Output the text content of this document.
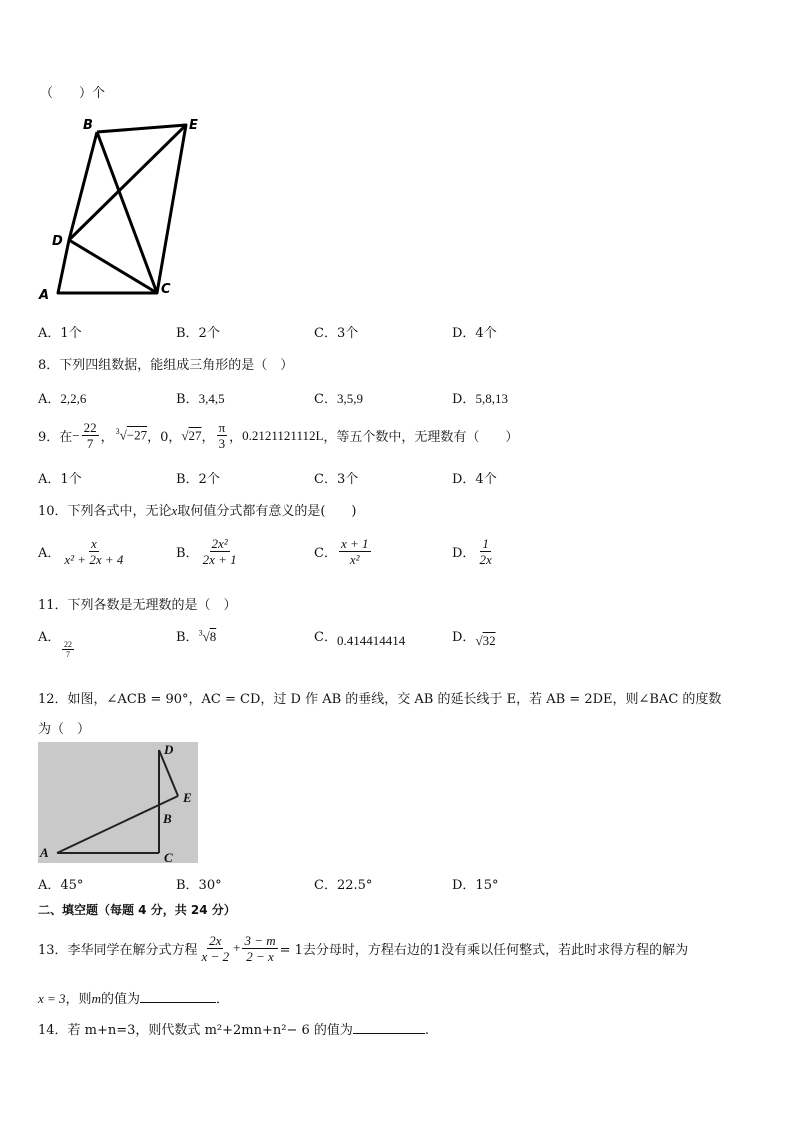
（　　）个
B	E
D
A	C
A．1个	B．2个	C．3个	D．4个
8．下列四组数据，能组成三角形的是（　）
A．2,2,6	B．3,4,5	C．3,5,9	D．5,8,13
9．在 − $\frac{22}{7}$ ， $^3$√−27 ，0， √27 ， $\frac{\pi}{3}$ ， 0.2121121112L ，等五个数中，无理数有（　　）
A．1个	B．2个	C．3个	D．4个
10．下列各式中，无论x取何值分式都有意义的是(　　)
A． $\frac{x}{\text{x² + 2x + 4}}$	B． $\frac{\text{2x²}}{2x + 1}$	C． $\frac{x + 1}{\text{x²}}$	D． $\frac{1}{2x}$
11．下列各数是无理数的是（　）
A．
$\frac{22}{7}$
B．$^3$√8	C．0.414414414	D．√32
12．如图，∠ACB = 90°，AC = CD，过 D 作 AB 的垂线，交 AB 的延长线于 E，若 AB = 2DE，则∠BAC 的度数
为（　）
D
E
B
A	C
A．45°	B．30°	C．22.5°	D．15°
二、填空题（每题 4 分，共 24 分）
13．李华同学在解分式方程 $\frac{2x}{x - 2} + \frac{3 - m}{2 - x} = 1$去分母时，方程右边的1没有乘以任何整式，若此时求得方程的解为
x = 3，则m的值为	．
14．若 m+n=3，则代数式 m²+2mn+n²− 6 的值为	.
